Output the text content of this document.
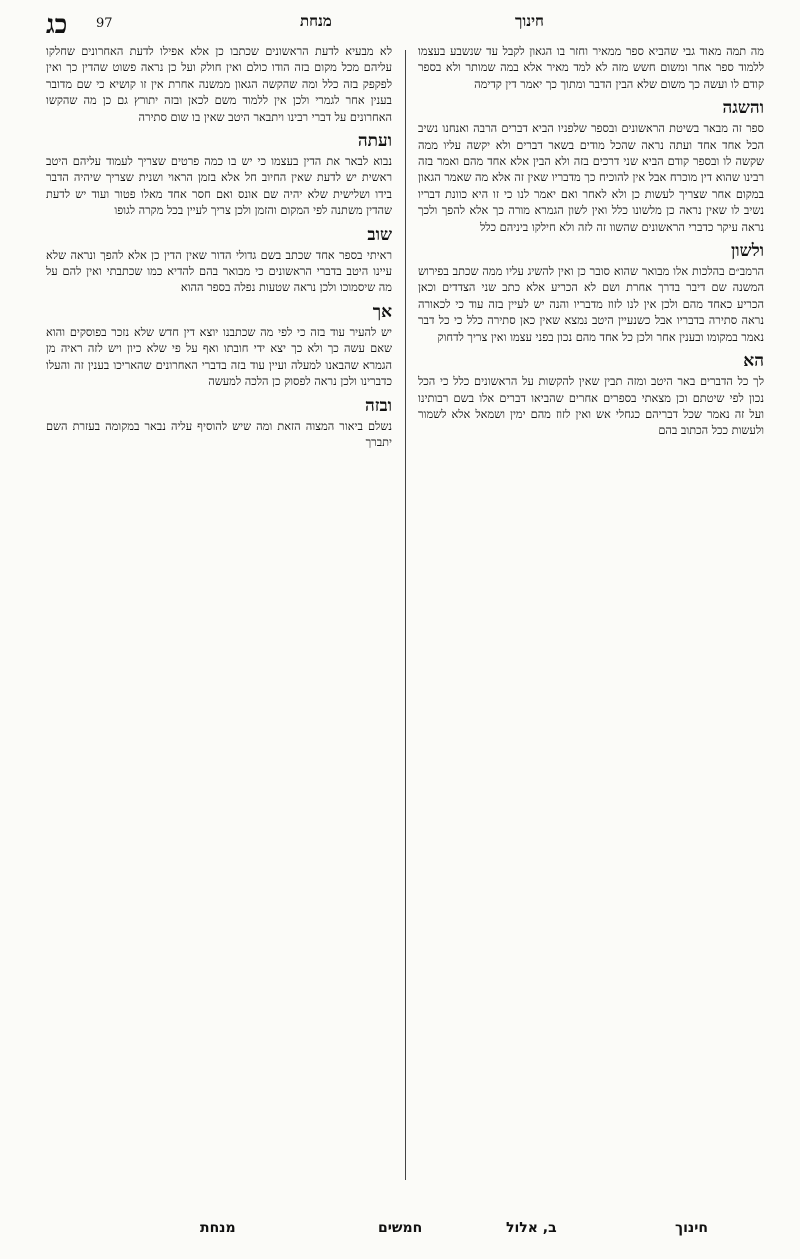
כג 97	מנחת	חינוך

מה תמה מאוד גבי שהביא ספר ממאיר וחזר בו הגאון לקבל עד שנשבע בעצמו ללמוד ספר אחר ומשום חשש מזה לא למד מאיר אלא במה שמותר ולא בספר קודם לו ועשה כך משום שלא הבין הדבר ומתוך כך יאמר דין קדימה

והשגה

ספר זה מבאר בשיטת הראשונים ובספר שלפניו הביא דברים הרבה ואנחנו נשיב הכל אחד אחד ועתה נראה שהכל מודים בשאר דברים ולא יקשה עליו ממה שקשה לו ובספר קודם הביא שני דרכים בזה ולא הבין אלא אחד מהם ואמר בזה רבינו שהוא דין מוכרח אבל אין להוכיח כך מדבריו שאין זה אלא מה שאמר הגאון במקום אחר שצריך לעשות כן ולא לאחר ואם יאמר לנו כי זו היא כוונת דבריו נשיב לו שאין נראה כן מלשונו כלל ואין לשון הגמרא מורה כך אלא להפך ולכך נראה עיקר כדברי הראשונים שהשוו זה לזה ולא חילקו ביניהם כלל

ולשון

הרמב״ם בהלכות אלו מבואר שהוא סובר כן ואין להשיג עליו ממה שכתב בפירוש המשנה שם דיבר בדרך אחרת ושם לא הכריע אלא כתב שני הצדדים וכאן הכריע כאחד מהם ולכן אין לנו לזוז מדבריו והנה יש לעיין בזה עוד כי לכאורה נראה סתירה בדבריו אבל כשנעיין היטב נמצא שאין כאן סתירה כלל כי כל דבר נאמר במקומו ובענין אחר ולכן כל אחד מהם נכון בפני עצמו ואין צריך לדחוק

הא

לך כל הדברים באר היטב ומזה תבין שאין להקשות על הראשונים כלל כי הכל נכון לפי שיטתם וכן מצאתי בספרים אחרים שהביאו דברים אלו בשם רבותינו ועל זה נאמר שכל דבריהם כגחלי אש ואין לזוז מהם ימין ושמאל אלא לשמור ולעשות ככל הכתוב בהם

לא מבעיא לדעת הראשונים שכתבו כן אלא אפילו לדעת האחרונים שחלקו עליהם מכל מקום בזה הודו כולם ואין חולק ועל כן נראה פשוט שהדין כך ואין לפקפק בזה כלל ומה שהקשה הגאון ממשנה אחרת אין זו קושיא כי שם מדובר בענין אחר לגמרי ולכן אין ללמוד משם לכאן ובזה יתורץ גם כן מה שהקשו האחרונים על דברי רבינו ויתבאר היטב שאין בו שום סתירה

ועתה

נבוא לבאר את הדין בעצמו כי יש בו כמה פרטים שצריך לעמוד עליהם היטב ראשית יש לדעת שאין החיוב חל אלא בזמן הראוי ושנית שצריך שיהיה הדבר בידו ושלישית שלא יהיה שם אונס ואם חסר אחד מאלו פטור ועוד יש לדעת שהדין משתנה לפי המקום והזמן ולכן צריך לעיין בכל מקרה לגופו

שוב

ראיתי בספר אחד שכתב בשם גדולי הדור שאין הדין כן אלא להפך ונראה שלא עיינו היטב בדברי הראשונים כי מבואר בהם להדיא כמו שכתבתי ואין להם על מה שיסמוכו ולכן נראה שטעות נפלה בספר ההוא

אך

יש להעיר עוד בזה כי לפי מה שכתבנו יוצא דין חדש שלא נזכר בפוסקים והוא שאם עשה כך ולא כך יצא ידי חובתו ואף על פי שלא כיון ויש לזה ראיה מן הגמרא שהבאנו למעלה ועיין עוד בזה בדברי האחרונים שהאריכו בענין זה והעלו כדברינו ולכן נראה לפסוק כן הלכה למעשה

ובזה

נשלם ביאור המצוה הזאת ומה שיש להוסיף עליה נבאר במקומה בעזרת השם יתברך

חינוך
ב, אלול
חמשים
מנחת
